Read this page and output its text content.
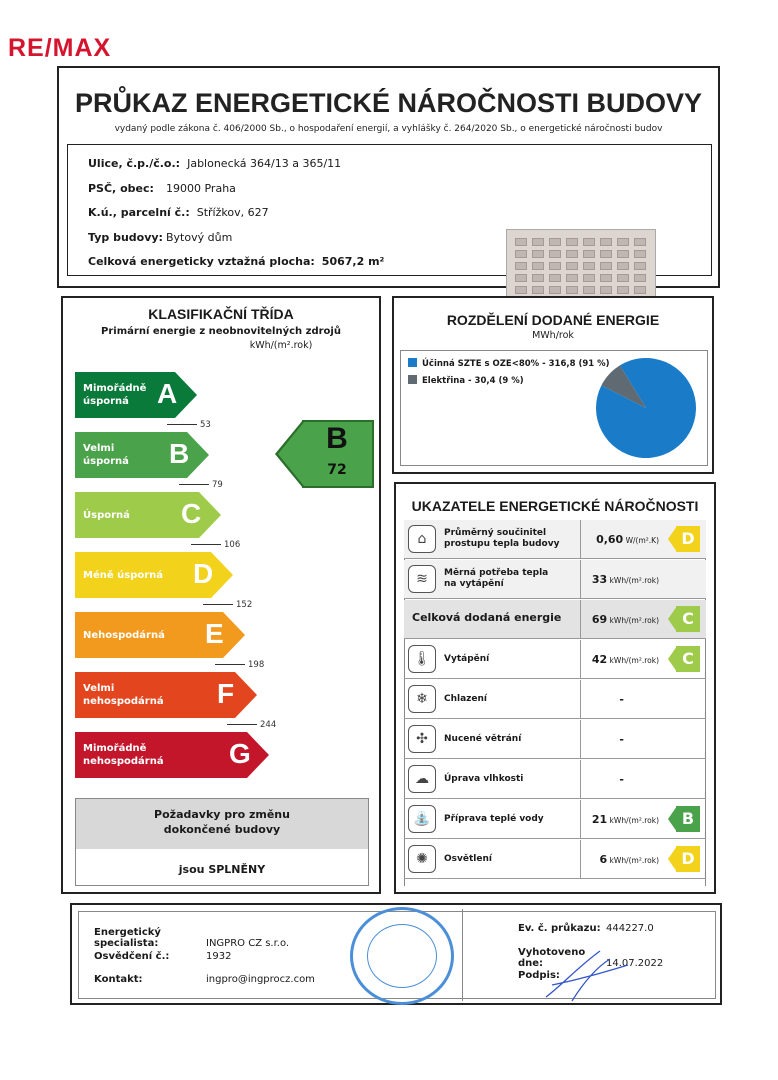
RE/MAX
PRŮKAZ ENERGETICKÉ NÁROČNOSTI BUDOVY
vydaný podle zákona č. 406/2000 Sb., o hospodaření energií, a vyhlášky č. 264/2020 Sb., o energetické náročnosti budov
Ulice, č.p./č.o.: Jablonecká 364/13 a 365/11
PSČ, obec: 19000 Praha
K.ú., parcelní č.: Střížkov, 627
Typ budovy: Bytový dům
Celková energeticky vztažná plocha: 5067,2 m²
KLASIFIKAČNÍ TŘÍDA
Primární energie z neobnovitelných zdrojů
kWh/(m².rok)
Mimořádně
úsporná	A
Velmi
úsporná B
Úsporná C
Méně úsporná D
Nehospodárná E
Velmi
nehospodárná F
Mimořádně
nehospodárná G
53
79
106
152
198
244
B
72
Požadavky pro změnu
dokončené budovy
jsou SPLNĚNY
ROZDĚLENÍ DODANÉ ENERGIE
MWh/rok
Účinná SZTE s OZE<80% - 316,8 (91 %)
Elektřina - 30,4 (9 %)
UKAZATELE ENERGETICKÉ NÁROČNOSTI
⌂	Průměrný součinitel
prostupu tepla budovy	0,60 W/(m².K)	D
≋	Měrná potřeba tepla
na vytápění	33 kWh/(m².rok)
Celková dodaná energie	69 kWh/(m².rok)	C
🌡	Vytápění	42 kWh/(m².rok)	C
❄	Chlazení	-
✣	Nucené větrání	-
☁	Úprava vlhkosti	-
⛲	Příprava teplé vody	21 kWh/(m².rok)	B
✺	Osvětlení	6 kWh/(m².rok)	D
Energetický specialista:	INGPRO CZ s.r.o.
Osvědčení č.:	1932
Kontakt:	ingpro@ingprocz.com
Ev. č. průkazu: 444227.0
Vyhotoveno dne:	14.07.2022
Podpis:
